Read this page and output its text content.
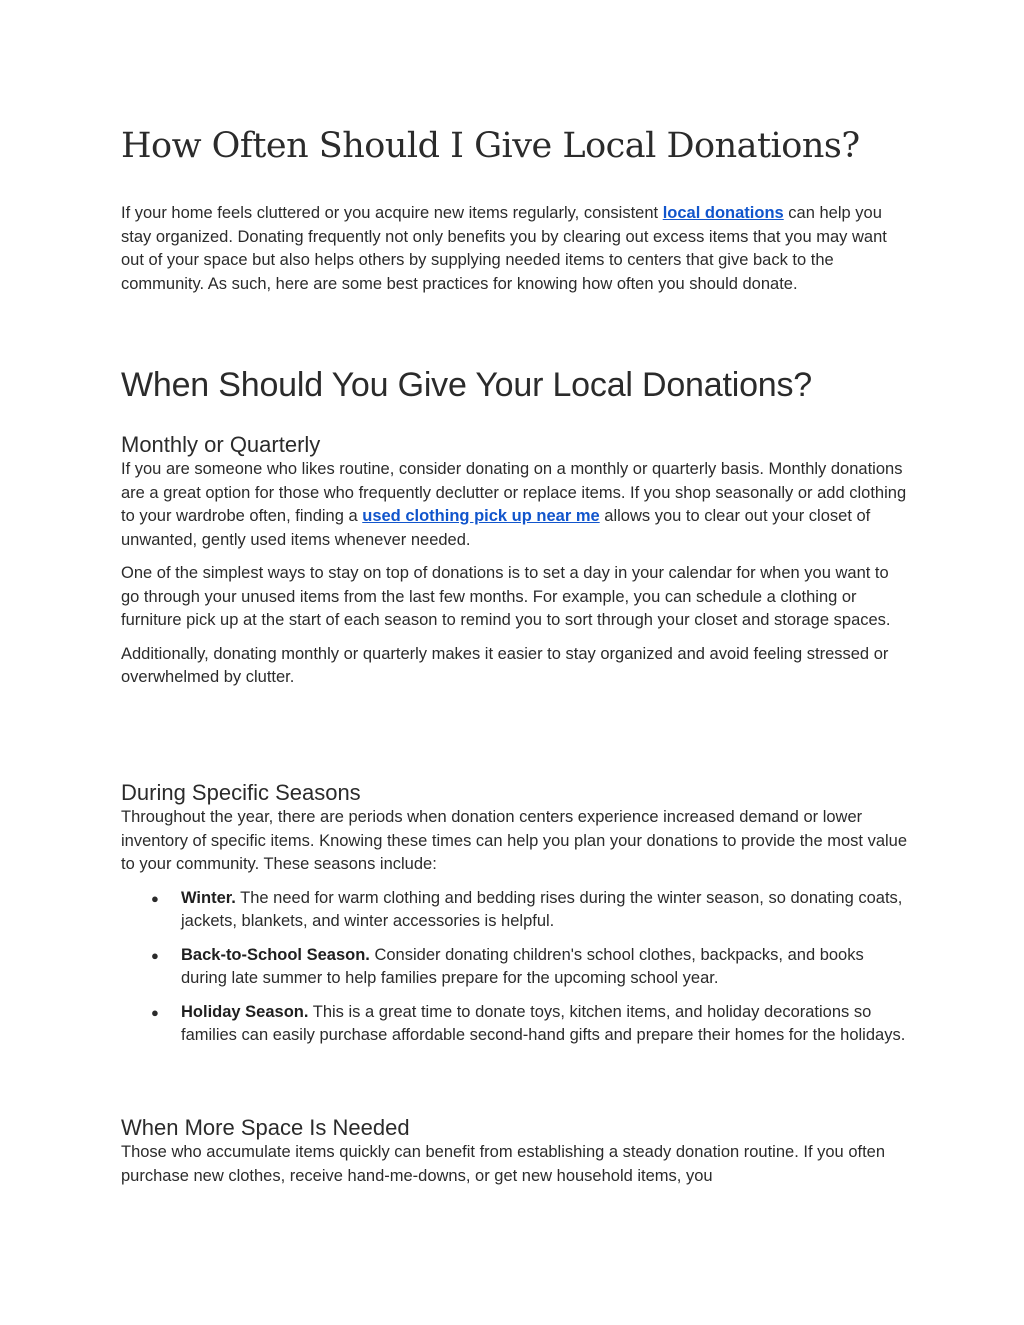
How Often Should I Give Local Donations?

If your home feels cluttered or you acquire new items regularly, consistent local donations can help you stay organized. Donating frequently not only benefits you by clearing out excess items that you may want out of your space but also helps others by supplying needed items to centers that give back to the community. As such, here are some best practices for knowing how often you should donate.

When Should You Give Your Local Donations?
Monthly or Quarterly

If you are someone who likes routine, consider donating on a monthly or quarterly basis. Monthly donations are a great option for those who frequently declutter or replace items. If you shop seasonally or add clothing to your wardrobe often, finding a used clothing pick up near me allows you to clear out your closet of unwanted, gently used items whenever needed.

One of the simplest ways to stay on top of donations is to set a day in your calendar for when you want to go through your unused items from the last few months. For example, you can schedule a clothing or furniture pick up at the start of each season to remind you to sort through your closet and storage spaces.

Additionally, donating monthly or quarterly makes it easier to stay organized and avoid feeling stressed or overwhelmed by clutter.

During Specific Seasons

Throughout the year, there are periods when donation centers experience increased demand or lower inventory of specific items. Knowing these times can help you plan your donations to provide the most value to your community. These seasons include:

● Winter. The need for warm clothing and bedding rises during the winter season, so donating coats, jackets, blankets, and winter accessories is helpful.
● Back-to-School Season. Consider donating children's school clothes, backpacks, and books during late summer to help families prepare for the upcoming school year.
● Holiday Season. This is a great time to donate toys, kitchen items, and holiday decorations so families can easily purchase affordable second-hand gifts and prepare their homes for the holidays.
When More Space Is Needed

Those who accumulate items quickly can benefit from establishing a steady donation routine. If you often purchase new clothes, receive hand-me-downs, or get new household items, you
